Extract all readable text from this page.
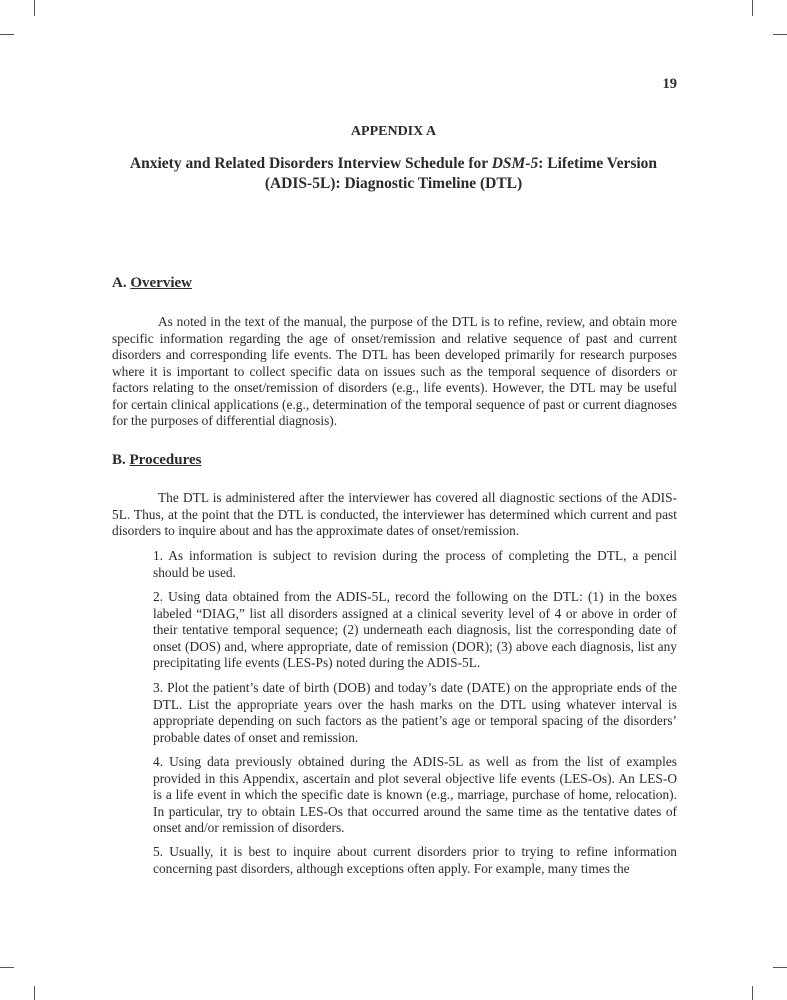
19
APPENDIX A
Anxiety and Related Disorders Interview Schedule for DSM-5: Lifetime Version
(ADIS-5L): Diagnostic Timeline (DTL)
A. Overview

As noted in the text of the manual, the purpose of the DTL is to refine, review, and obtain more specific information regarding the age of onset/remission and relative sequence of past and current disorders and corresponding life events. The DTL has been developed primarily for research purposes where it is important to collect specific data on issues such as the temporal sequence of disorders or factors relating to the onset/remission of disorders (e.g., life events). However, the DTL may be useful for certain clinical applications (e.g., determination of the temporal sequence of past or current diagnoses for the purposes of differential diagnosis).

B. Procedures

The DTL is administered after the interviewer has covered all diagnostic sections of the ADIS-5L. Thus, at the point that the DTL is conducted, the interviewer has determined which current and past disorders to inquire about and has the approximate dates of onset/remission.

1. As information is subject to revision during the process of completing the DTL, a pencil should be used.

2. Using data obtained from the ADIS-5L, record the following on the DTL: (1) in the boxes labeled “DIAG,” list all disorders assigned at a clinical severity level of 4 or above in order of their tentative temporal sequence; (2) underneath each diagnosis, list the corresponding date of onset (DOS) and, where appropriate, date of remission (DOR); (3) above each diagnosis, list any precipitating life events (LES-Ps) noted during the ADIS-5L.

3. Plot the patient’s date of birth (DOB) and today’s date (DATE) on the appropriate ends of the DTL. List the appropriate years over the hash marks on the DTL using whatever interval is appropriate depending on such factors as the patient’s age or temporal spacing of the disorders’ probable dates of onset and remission.

4. Using data previously obtained during the ADIS-5L as well as from the list of examples provided in this Appendix, ascertain and plot several objective life events (LES-Os). An LES-O is a life event in which the specific date is known (e.g., marriage, purchase of home, relocation). In particular, try to obtain LES-Os that occurred around the same time as the tentative dates of onset and/or remission of disorders.

5. Usually, it is best to inquire about current disorders prior to trying to refine information concerning past disorders, although exceptions often apply. For example, many times the
